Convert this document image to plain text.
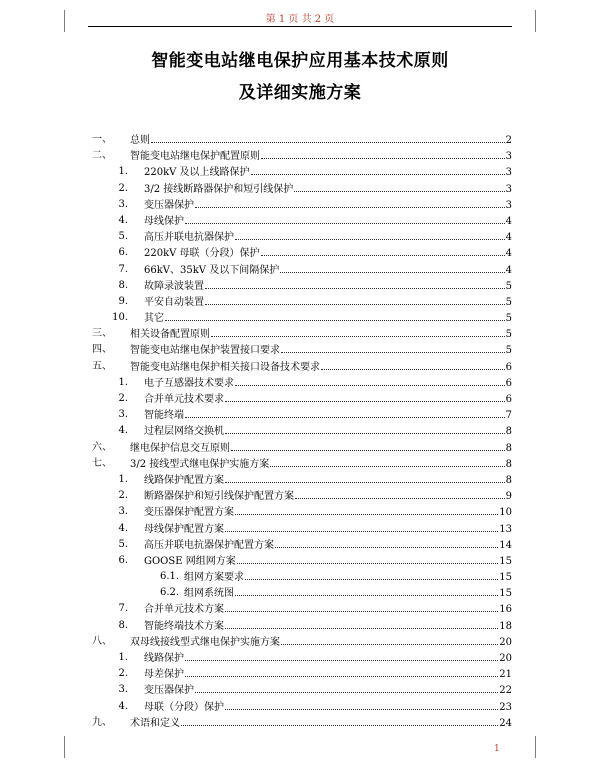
第 1 页 共 2 页
智能变电站继电保护应用基本技术原则
及详细实施方案
一、 总则	2
二、 智能变电站继电保护配置原则	3
1. 220kV 及以上线路保护	3
2. 3/2 接线断路器保护和短引线保护	3
3. 变压器保护	3
4. 母线保护	4
5. 高压并联电抗器保护	4
6. 220kV 母联（分段）保护	4
7. 66kV、35kV 及以下间隔保护	4
8. 故障录波装置	5
9. 平安自动装置	5
10. 其它	5
三、 相关设备配置原则	5
四、 智能变电站继电保护装置接口要求	5
五、 智能变电站继电保护相关接口设备技术要求	6
1. 电子互感器技术要求	6
2. 合并单元技术要求	6
3. 智能终端	7
4. 过程层网络交换机	8
六、 继电保护信息交互原则	8
七、 3/2 接线型式继电保护实施方案	8
1. 线路保护配置方案	8
2. 断路器保护和短引线保护配置方案	9
3. 变压器保护配置方案	10
4. 母线保护配置方案	13
5. 高压并联电抗器保护配置方案	14
6. GOOSE 网组网方案	15
6.1. 组网方案要求	15
6.2. 组网系统图	15
7. 合并单元技术方案	16
8. 智能终端技术方案	18
八、 双母线接线型式继电保护实施方案	20
1. 线路保护	20
2. 母差保护	21
3. 变压器保护	22
4. 母联（分段）保护	23
九、 术语和定义	24
1
